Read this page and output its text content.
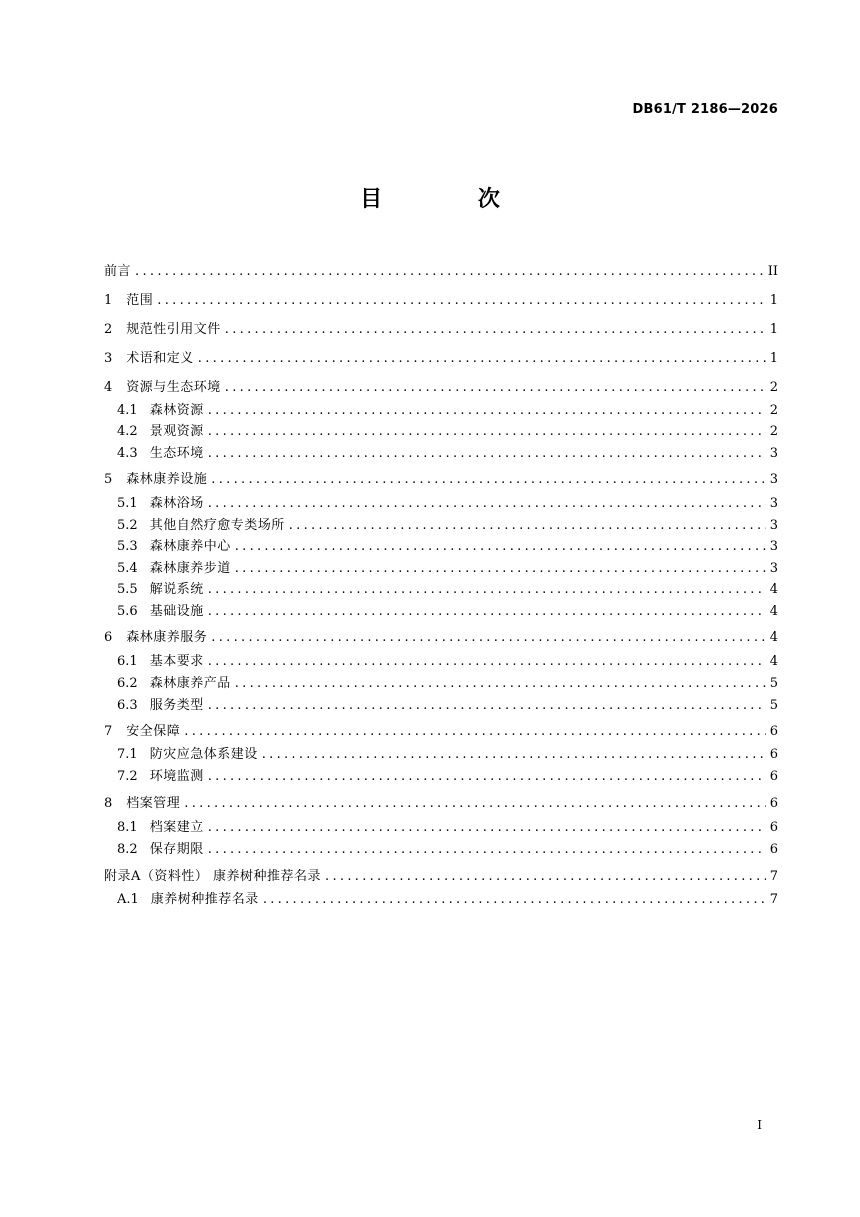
DB61/T 2186—2026
目 次
前言 .....	II
1 范围 .....	1
2 规范性引用文件 .....	1
3 术语和定义 .....	1
4 资源与生态环境 .....	2
4.1 森林资源 .....	2
4.2 景观资源 .....	2
4.3 生态环境 .....	3
5 森林康养设施 .....	3
5.1 森林浴场 .....	3
5.2 其他自然疗愈专类场所 .....	3
5.3 森林康养中心 .....	3
5.4 森林康养步道 .....	3
5.5 解说系统 .....	4
5.6 基础设施 .....	4
6 森林康养服务 .....	4
6.1 基本要求 .....	4
6.2 森林康养产品 .....	5
6.3 服务类型 .....	5
7 安全保障 .....	6
7.1 防灾应急体系建设 .....	6
7.2 环境监测 .....	6
8 档案管理 .....	6
8.1 档案建立 .....	6
8.2 保存期限 .....	6
附录A（资料性） 康养树种推荐名录 .....	7
A.1 康养树种推荐名录 .....	7
I
